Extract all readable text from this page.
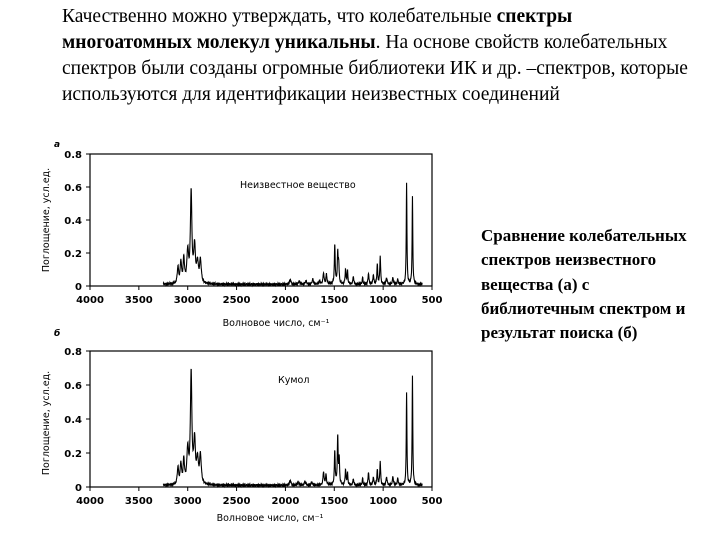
Качественно можно утверждать, что колебательные спектры многоатомных молекул уникальны. На основе свойств колебательных спектров были созданы огромные библиотеки ИК и др. –спектров, которые используются для идентификации неизвестных соединений
а
Неизвестное вещество
Поглощение, усл.ед.
Волновое число, см⁻¹
4000 3500 3000 2500 2000 1500 1000 500
0
0.2
0.4
0.6
0.8
б
Кумол
Поглощение, усл.ед.
Волновое число, см⁻¹
4000 3500 3000 2500 2000 1500 1000 500
0
0.2
0.4
0.6
0.8
Сравнение колебательных спектров неизвестного вещества (а) с библиотечным спектром и результат поиска (б)
